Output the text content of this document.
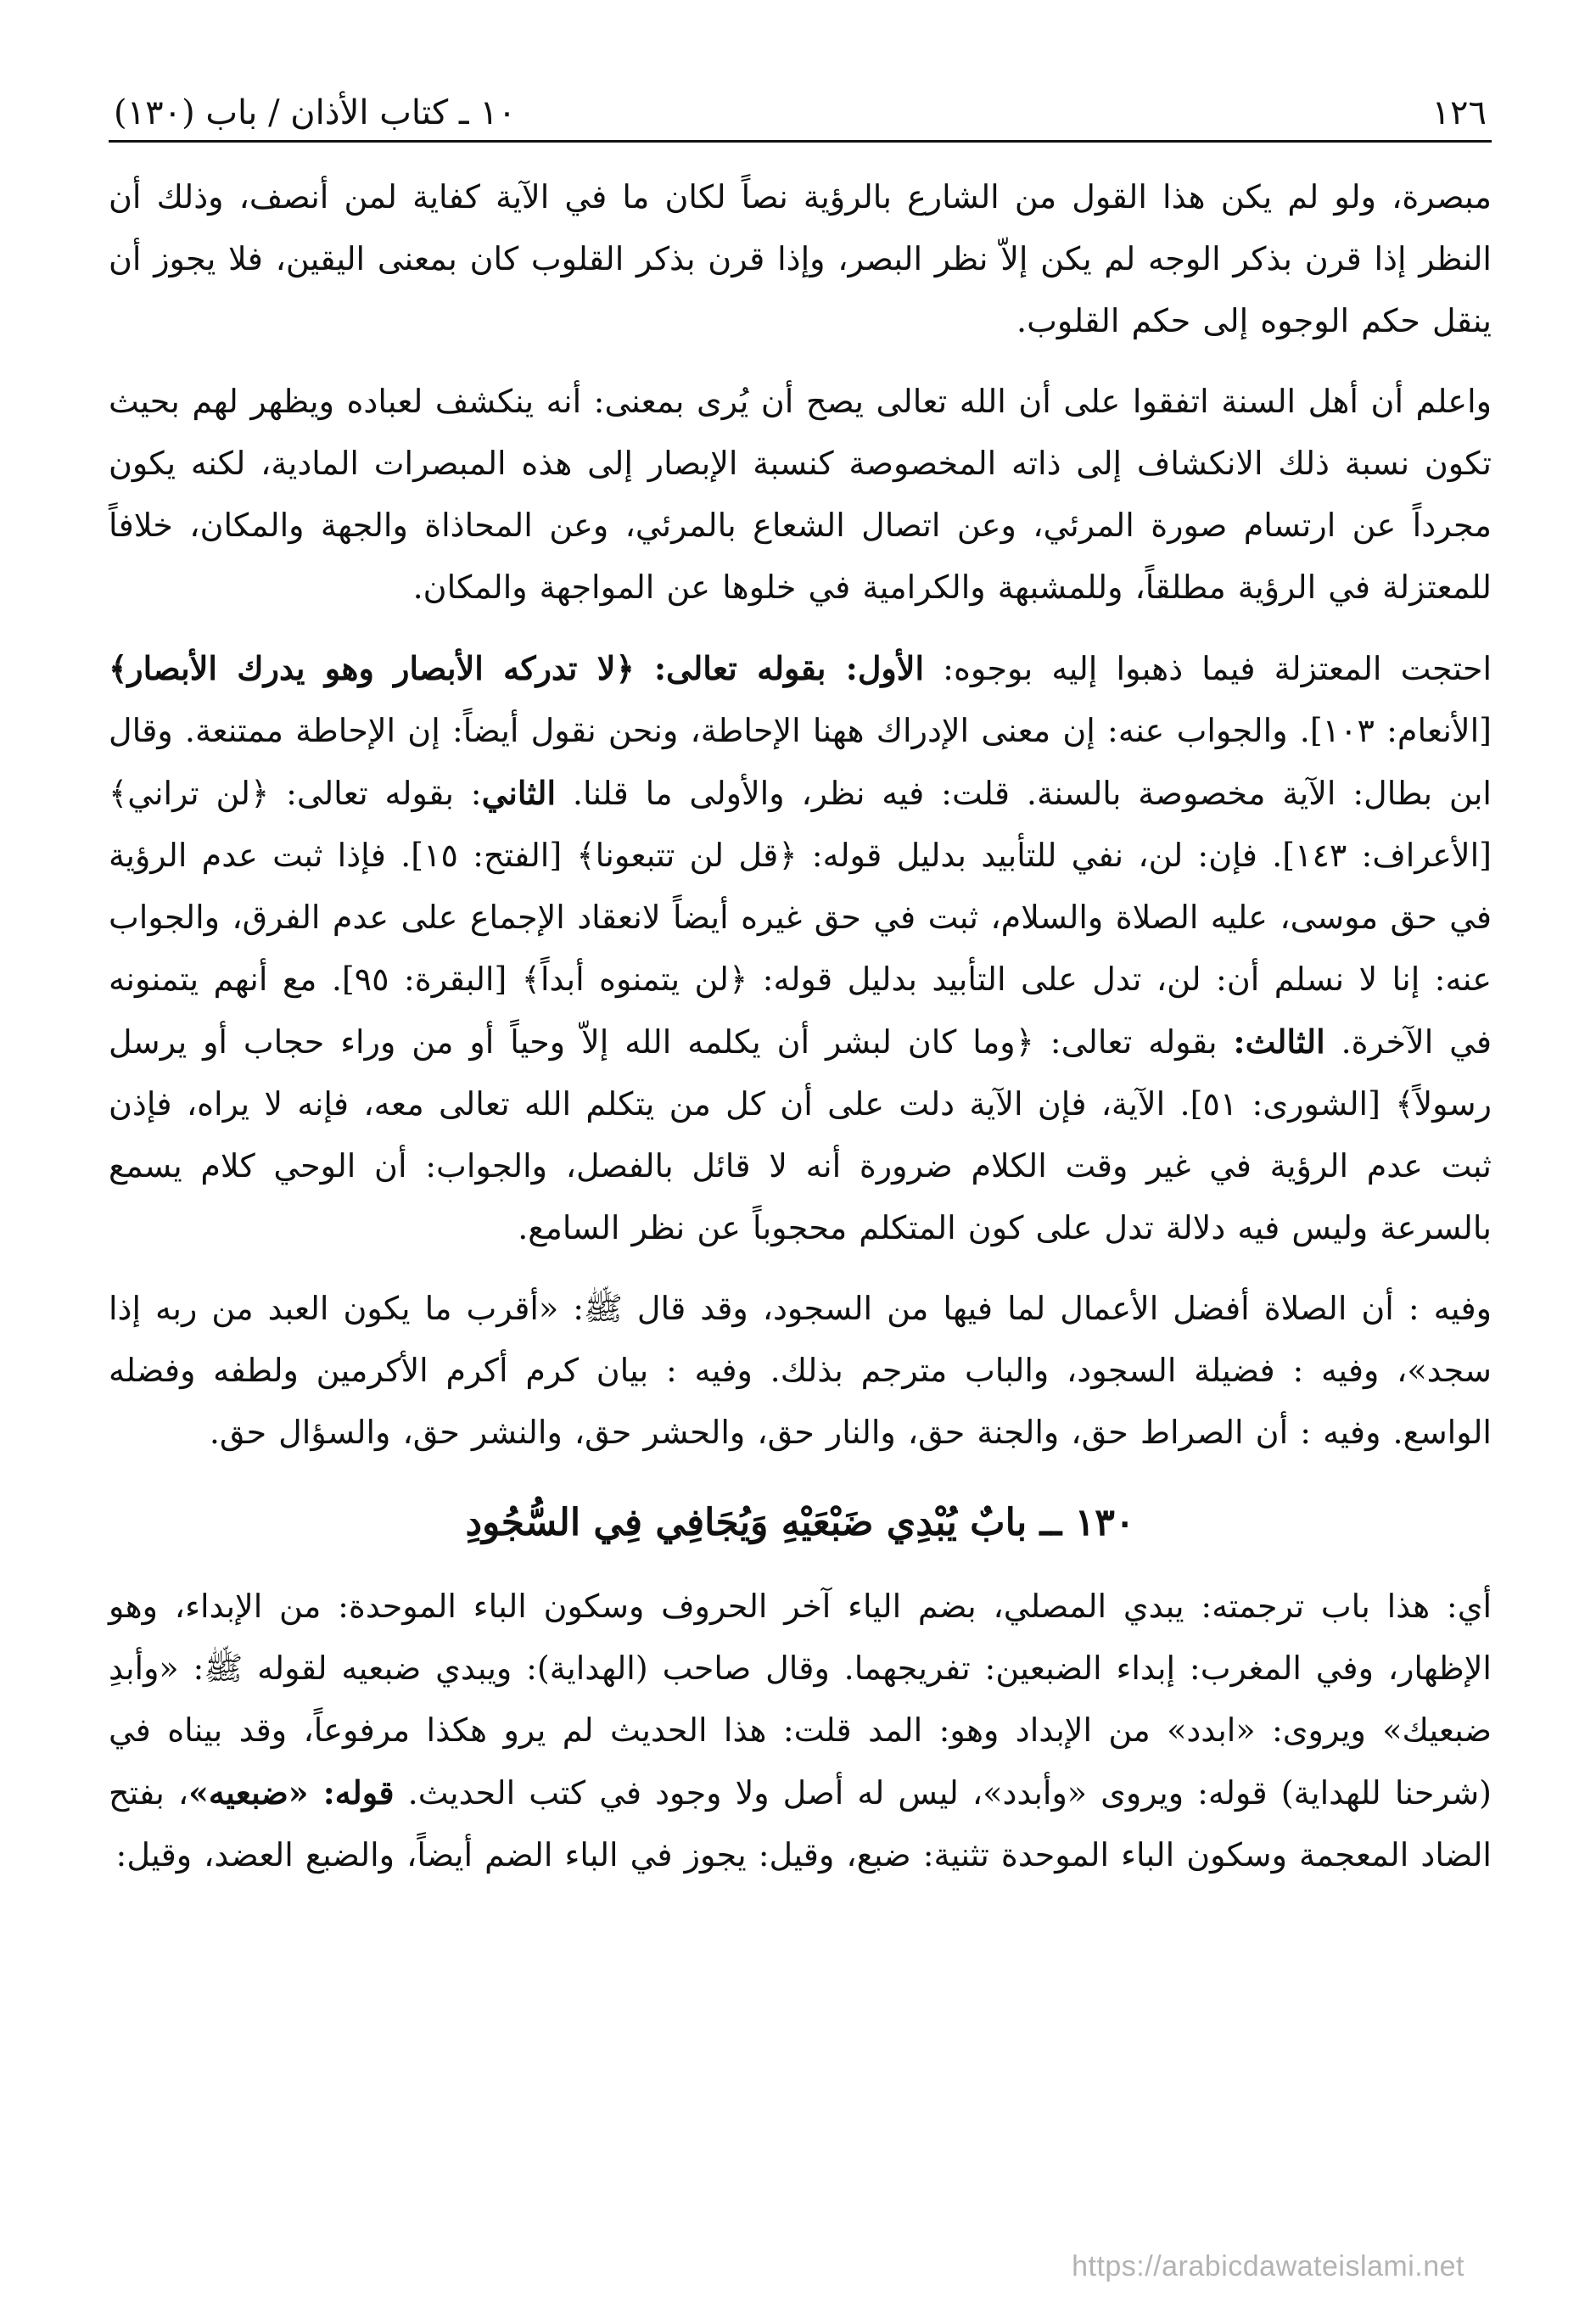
١٢٦
١٠ ـ كتاب الأذان / باب (١٣٠)

مبصرة، ولو لم يكن هذا القول من الشارع بالرؤية نصاً لكان ما في الآية كفاية لمن أنصف، وذلك أن النظر إذا قرن بذكر الوجه لم يكن إلاّ نظر البصر، وإذا قرن بذكر القلوب كان بمعنى اليقين، فلا يجوز أن ينقل حكم الوجوه إلى حكم القلوب.

واعلم أن أهل السنة اتفقوا على أن الله تعالى يصح أن يُرى بمعنى: أنه ينكشف لعباده ويظهر لهم بحيث تكون نسبة ذلك الانكشاف إلى ذاته المخصوصة كنسبة الإبصار إلى هذه المبصرات المادية، لكنه يكون مجرداً عن ارتسام صورة المرئي، وعن اتصال الشعاع بالمرئي، وعن المحاذاة والجهة والمكان، خلافاً للمعتزلة في الرؤية مطلقاً، وللمشبهة والكرامية في خلوها عن المواجهة والمكان.

احتجت المعتزلة فيما ذهبوا إليه بوجوه: الأول: بقوله تعالى: ﴿لا تدركه الأبصار وهو يدرك الأبصار﴾ [الأنعام: ١٠٣]. والجواب عنه: إن معنى الإدراك ههنا الإحاطة، ونحن نقول أيضاً: إن الإحاطة ممتنعة. وقال ابن بطال: الآية مخصوصة بالسنة. قلت: فيه نظر، والأولى ما قلنا. الثاني: بقوله تعالى: ﴿لن تراني﴾ [الأعراف: ١٤٣]. فإن: لن، نفي للتأبيد بدليل قوله: ﴿قل لن تتبعونا﴾ [الفتح: ١٥]. فإذا ثبت عدم الرؤية في حق موسى، عليه الصلاة والسلام، ثبت في حق غيره أيضاً لانعقاد الإجماع على عدم الفرق، والجواب عنه: إنا لا نسلم أن: لن، تدل على التأبيد بدليل قوله: ﴿لن يتمنوه أبداً﴾ [البقرة: ٩٥]. مع أنهم يتمنونه في الآخرة. الثالث: بقوله تعالى: ﴿وما كان لبشر أن يكلمه الله إلاّ وحياً أو من وراء حجاب أو يرسل رسولاً﴾ [الشورى: ٥١]. الآية، فإن الآية دلت على أن كل من يتكلم الله تعالى معه، فإنه لا يراه، فإذن ثبت عدم الرؤية في غير وقت الكلام ضرورة أنه لا قائل بالفصل، والجواب: أن الوحي كلام يسمع بالسرعة وليس فيه دلالة تدل على كون المتكلم محجوباً عن نظر السامع.

وفيه : أن الصلاة أفضل الأعمال لما فيها من السجود، وقد قال ﷺ: «أقرب ما يكون العبد من ربه إذا سجد»، وفيه : فضيلة السجود، والباب مترجم بذلك. وفيه : بيان كرم أكرم الأكرمين ولطفه وفضله الواسع. وفيه : أن الصراط حق، والجنة حق، والنار حق، والحشر حق، والنشر حق، والسؤال حق.

١٣٠ ــ بابٌ يُبْدِي ضَبْعَيْهِ وَيُجَافِي فِي السُّجُودِ

أي: هذا باب ترجمته: يبدي المصلي، بضم الياء آخر الحروف وسكون الباء الموحدة: من الإبداء، وهو الإظهار، وفي المغرب: إبداء الضبعين: تفريجهما. وقال صاحب (الهداية): ويبدي ضبعيه لقوله ﷺ: «وأبدِ ضبعيك» ويروى: «ابدد» من الإبداد وهو: المد قلت: هذا الحديث لم يرو هكذا مرفوعاً، وقد بيناه في (شرحنا للهداية) قوله: ويروى «وأبدد»، ليس له أصل ولا وجود في كتب الحديث. قوله: «ضبعيه»، بفتح الضاد المعجمة وسكون الباء الموحدة تثنية: ضبع، وقيل: يجوز في الباء الضم أيضاً، والضبع العضد، وقيل:

https://arabicdawateislami.net
